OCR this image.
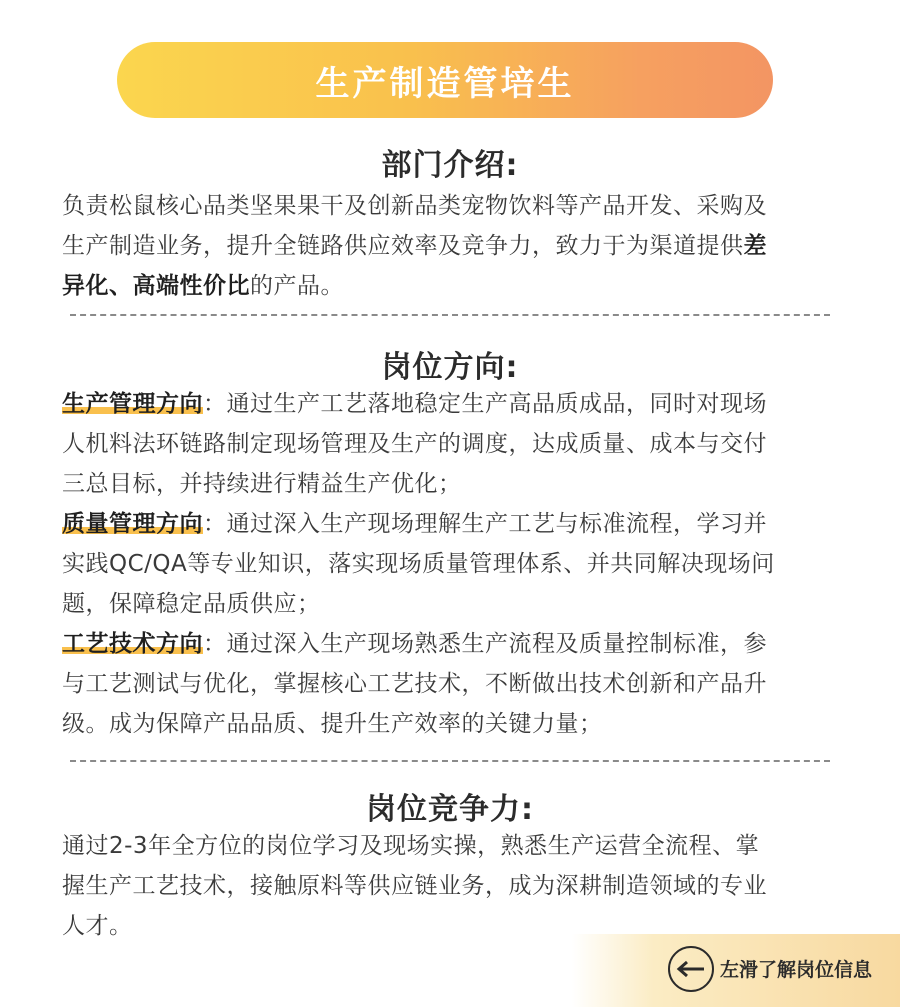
生产制造管培生
部门介绍:
负责松鼠核心品类坚果果干及创新品类宠物饮料等产品开发、采购及
生产制造业务，提升全链路供应效率及竞争力，致力于为渠道提供差
异化、高端性价比的产品。
岗位方向:
生产管理方向：通过生产工艺落地稳定生产高品质成品，同时对现场
人机料法环链路制定现场管理及生产的调度，达成质量、成本与交付
三总目标，并持续进行精益生产优化；
质量管理方向：通过深入生产现场理解生产工艺与标准流程，学习并
实践QC/QA等专业知识，落实现场质量管理体系、并共同解决现场问
题，保障稳定品质供应；
工艺技术方向：通过深入生产现场熟悉生产流程及质量控制标准，参
与工艺测试与优化，掌握核心工艺技术，不断做出技术创新和产品升
级。成为保障产品品质、提升生产效率的关键力量；
岗位竞争力:
通过2-3年全方位的岗位学习及现场实操，熟悉生产运营全流程、掌
握生产工艺技术，接触原料等供应链业务，成为深耕制造领域的专业
人才。
左滑了解岗位信息
